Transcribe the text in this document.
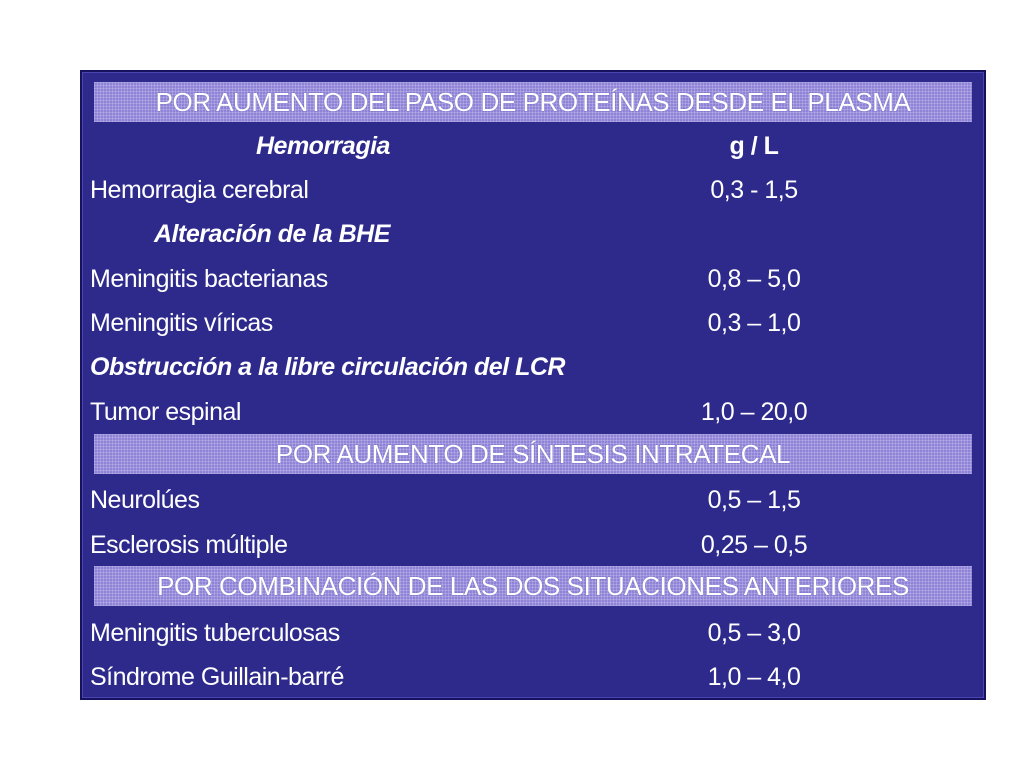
POR AUMENTO DEL PASO DE PROTEÍNAS DESDE EL PLASMA
Hemorragia	g / L
Hemorragia cerebral	0,3 - 1,5
Alteración de la BHE
Meningitis bacterianas	0,8 – 5,0
Meningitis víricas	0,3 – 1,0
Obstrucción a la libre circulación del LCR
Tumor espinal	1,0 – 20,0
POR AUMENTO DE SÍNTESIS INTRATECAL
Neurolúes	0,5 – 1,5
Esclerosis múltiple	0,25 – 0,5
POR COMBINACIÓN DE LAS DOS SITUACIONES ANTERIORES
Meningitis tuberculosas	0,5 – 3,0
Síndrome Guillain-barré	1,0 – 4,0
